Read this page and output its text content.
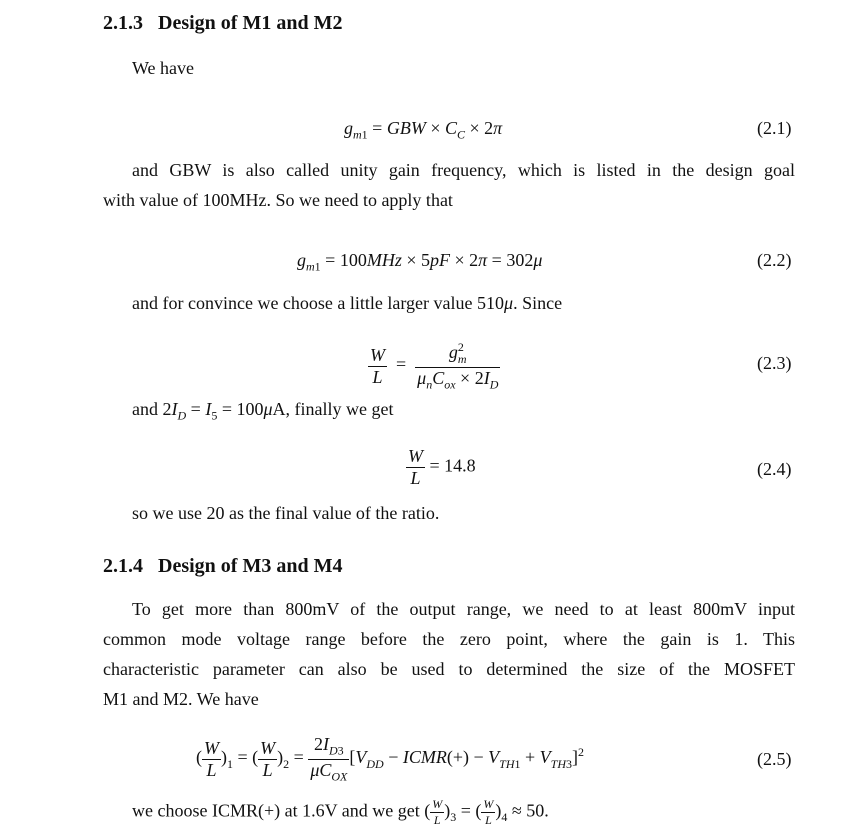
2.1.3 Design of M1 and M2
We have
$g_{m1}$ = GBW × $C_C \times 2\pi$	(2.1)
and GBW is also called unity gain frequency, which is listed in the design goal
with value of 100MHz. So we need to apply that
$g_{m1} = 100MHz \times 5pF \times 2\pi = 302\mu$	(2.2)
and for convince we choose a little larger value 510μ. Since
$\frac{W}{L} = \frac{g^2_m}{\mu_nC_{ox} \times 2I_D}$	(2.3)
and $2I_D = I_5 = 100\mu A$, finally we get
$\frac{W}{L} = 14.8$	(2.4)
so we use 20 as the final value of the ratio.
2.1.4 Design of M3 and M4
To get more than 800mV of the output range, we need to at least 800mV input
common mode voltage range before the zero point, where the gain is 1. This
characteristic parameter can also be used to determined the size of the MOSFET
M1 and M2. We have
( $\frac{W}{L} )_1$ = ( $\frac{W}{L} )_2 = \frac{2I_{D3}}{\mu C_{OX}} [V_{DD}$ − ICMR(+) − $V_{TH1} + V_{TH3}]^2$	(2.5)
we choose ICMR(+) at 1.6V and we get ( $\frac{W}{L} )_3$ = ( $\frac{W}{L} )_4 \approx 50$.
